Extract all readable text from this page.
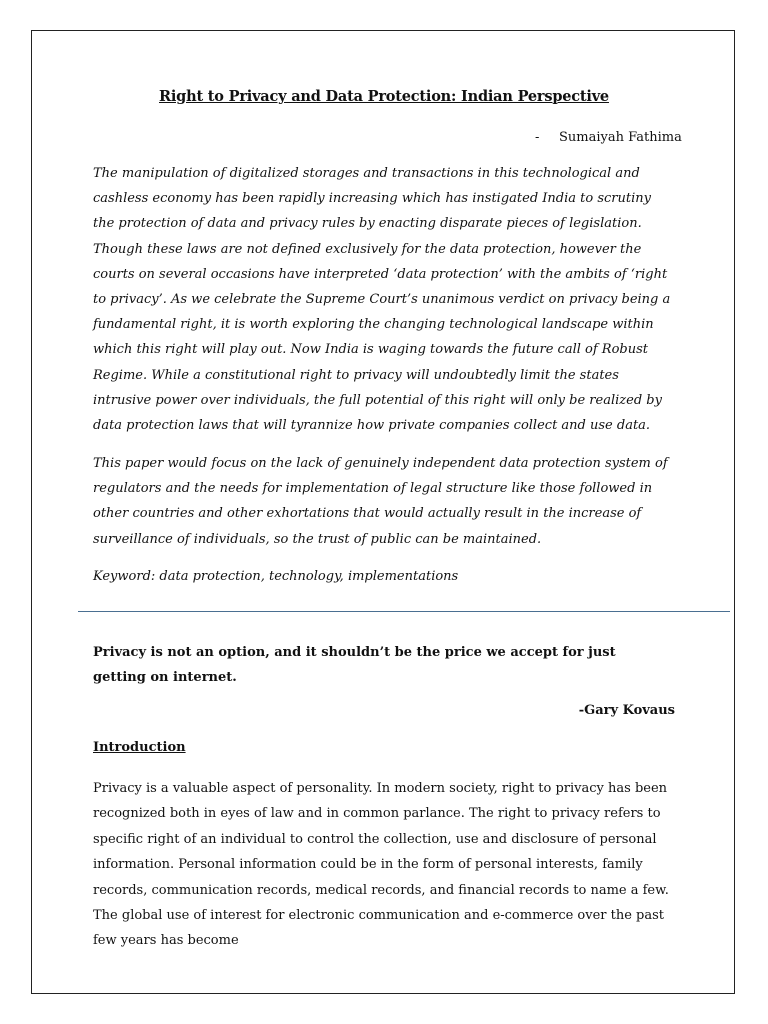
Right to Privacy and Data Protection: Indian Perspective
- Sumaiyah Fathima

The manipulation of digitalized storages and transactions in this technological and cashless economy has been rapidly increasing which has instigated India to scrutiny the protection of data and privacy rules by enacting disparate pieces of legislation. Though these laws are not defined exclusively for the data protection, however the courts on several occasions have interpreted ‘data protection’ with the ambits of ‘right to privacy’. As we celebrate the Supreme Court’s unanimous verdict on privacy being a fundamental right, it is worth exploring the changing technological landscape within which this right will play out. Now India is waging towards the future call of Robust Regime. While a constitutional right to privacy will undoubtedly limit the states intrusive power over individuals, the full potential of this right will only be realized by data protection laws that will tyrannize how private companies collect and use data.

This paper would focus on the lack of genuinely independent data protection system of regulators and the needs for implementation of legal structure like those followed in other countries and other exhortations that would actually result in the increase of surveillance of individuals, so the trust of public can be maintained.

Keyword: data protection, technology, implementations

Privacy is not an option, and it shouldn’t be the price we accept for just getting on internet.

-Gary Kovaus
Introduction

Privacy is a valuable aspect of personality. In modern society, right to privacy has been recognized both in eyes of law and in common parlance. The right to privacy refers to specific right of an individual to control the collection, use and disclosure of personal information. Personal information could be in the form of personal interests, family records, communication records, medical records, and financial records to name a few. The global use of interest for electronic communication and e-commerce over the past few years has become
